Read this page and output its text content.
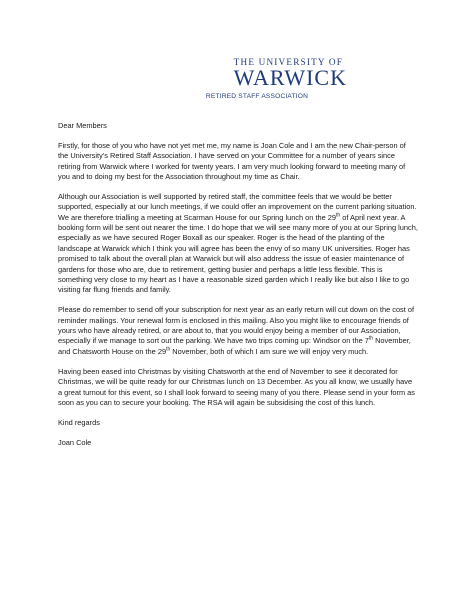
THE UNIVERSITY OF
WARWICK
RETIRED STAFF ASSOCIATION

Dear Members

Firstly, for those of you who have not yet met me, my name is Joan Cole and I am the new Chair-person of the University’s Retired Staff Association. I have served on your Committee for a number of years since retiring from Warwick where I worked for twenty years. I am very much looking forward to meeting many of you and to doing my best for the Association throughout my time as Chair.

Although our Association is well supported by retired staff, the committee feels that we would be better supported, especially at our lunch meetings, if we could offer an improvement on the current parking situation. We are therefore trialling a meeting at Scarman House for our Spring lunch on the 29th of April next year. A booking form will be sent out nearer the time. I do hope that we will see many more of you at our Spring lunch, especially as we have secured Roger Boxall as our speaker. Roger is the head of the planting of the landscape at Warwick which I think you will agree has been the envy of so many UK universities. Roger has promised to talk about the overall plan at Warwick but will also address the issue of easier maintenance of gardens for those who are, due to retirement, getting busier and perhaps a little less flexible. This is something very close to my heart as I have a reasonable sized garden which I really like but also I like to go visiting far flung friends and family.

Please do remember to send off your subscription for next year as an early return will cut down on the cost of reminder mailings. Your renewal form is enclosed in this mailing. Also you might like to encourage friends of yours who have already retired, or are about to, that you would enjoy being a member of our Association, especially if we manage to sort out the parking. We have two trips coming up: Windsor on the 7th November, and Chatsworth House on the 29th November, both of which I am sure we will enjoy very much.

Having been eased into Christmas by visiting Chatsworth at the end of November to see it decorated for Christmas, we will be quite ready for our Christmas lunch on 13 December. As you all know, we usually have a great turnout for this event, so I shall look forward to seeing many of you there. Please send in your form as soon as you can to secure your booking. The RSA will again be subsidising the cost of this lunch.

Kind regards

Joan Cole
